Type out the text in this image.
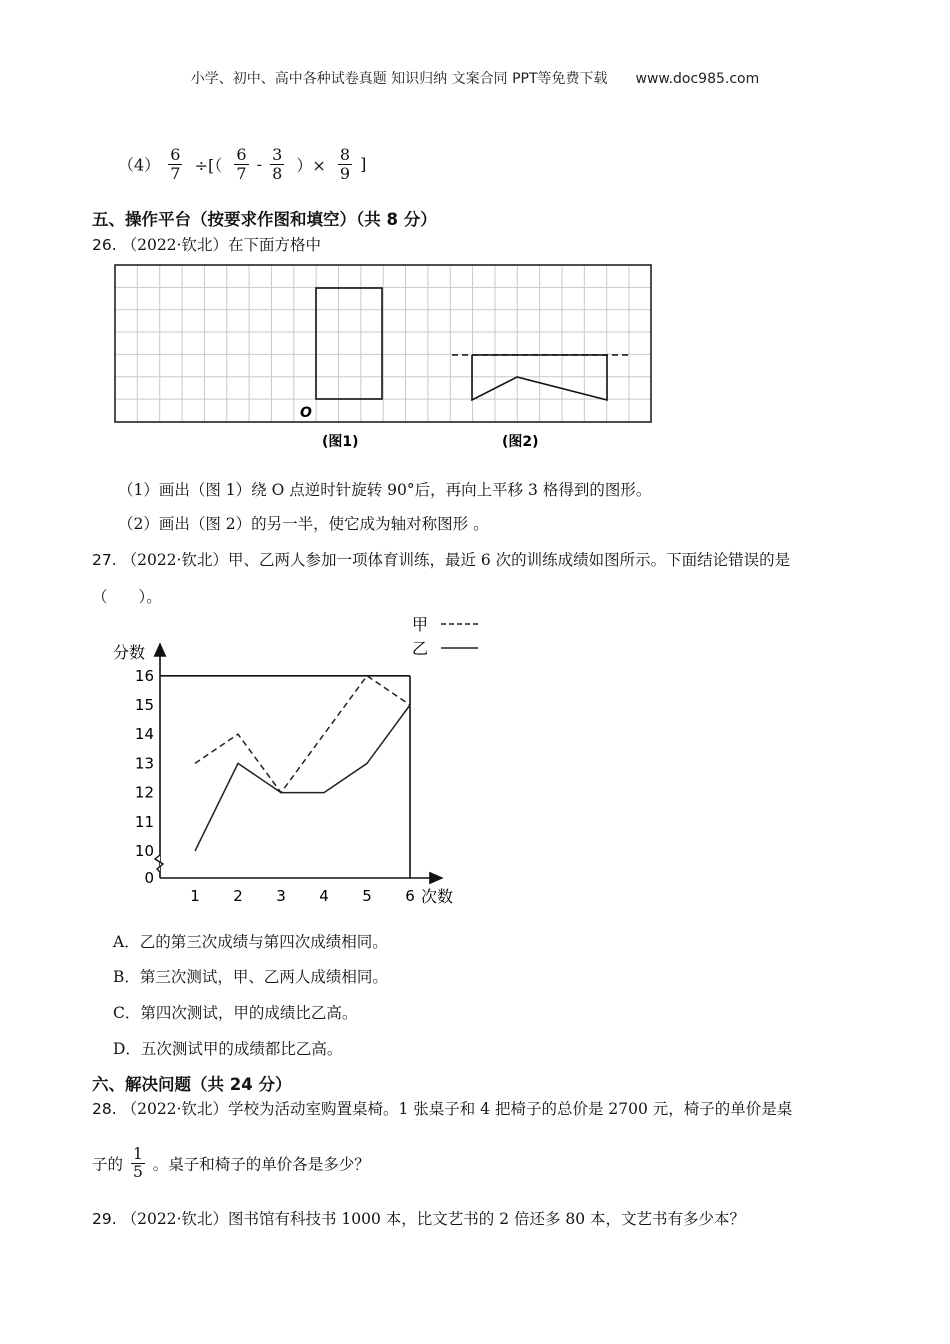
小学、初中、高中各种试卷真题 知识归纳 文案合同 PPT等免费下载 www.doc985.com
$(4) \frac{6}{7}$ ÷[（ $\frac{6}{7} - \frac{3}{8}$ ）× $\frac{8}{9}$ ]
五、操作平台（按要求作图和填空）（共 8 分）
26. （2022·钦北）在下面方格中
O
(图1)	(图2)
（1）画出（图 1）绕 O 点逆时针旋转 90°后，再向上平移 3 格得到的图形。
（2）画出（图 2）的另一半，使它成为轴对称图形 。
27. （2022·钦北）甲、乙两人参加一项体育训练，最近 6 次的训练成绩如图所示。下面结论错误的是
（　　）。
0
10
11
12
13
14
15
16
1 2 3 4 5 6
分数
次数
甲
乙
A．乙的第三次成绩与第四次成绩相同。
B．第三次测试，甲、乙两人成绩相同。
C．第四次测试，甲的成绩比乙高。
D．五次测试甲的成绩都比乙高。
六、解决问题（共 24 分）
28. （2022·钦北）学校为活动室购置桌椅。1 张桌子和 4 把椅子的总价是 2700 元，椅子的单价是桌
子的 $\frac{1}{5}$ 。桌子和椅子的单价各是多少？
29. （2022·钦北）图书馆有科技书 1000 本，比文艺书的 2 倍还多 80 本，文艺书有多少本？
